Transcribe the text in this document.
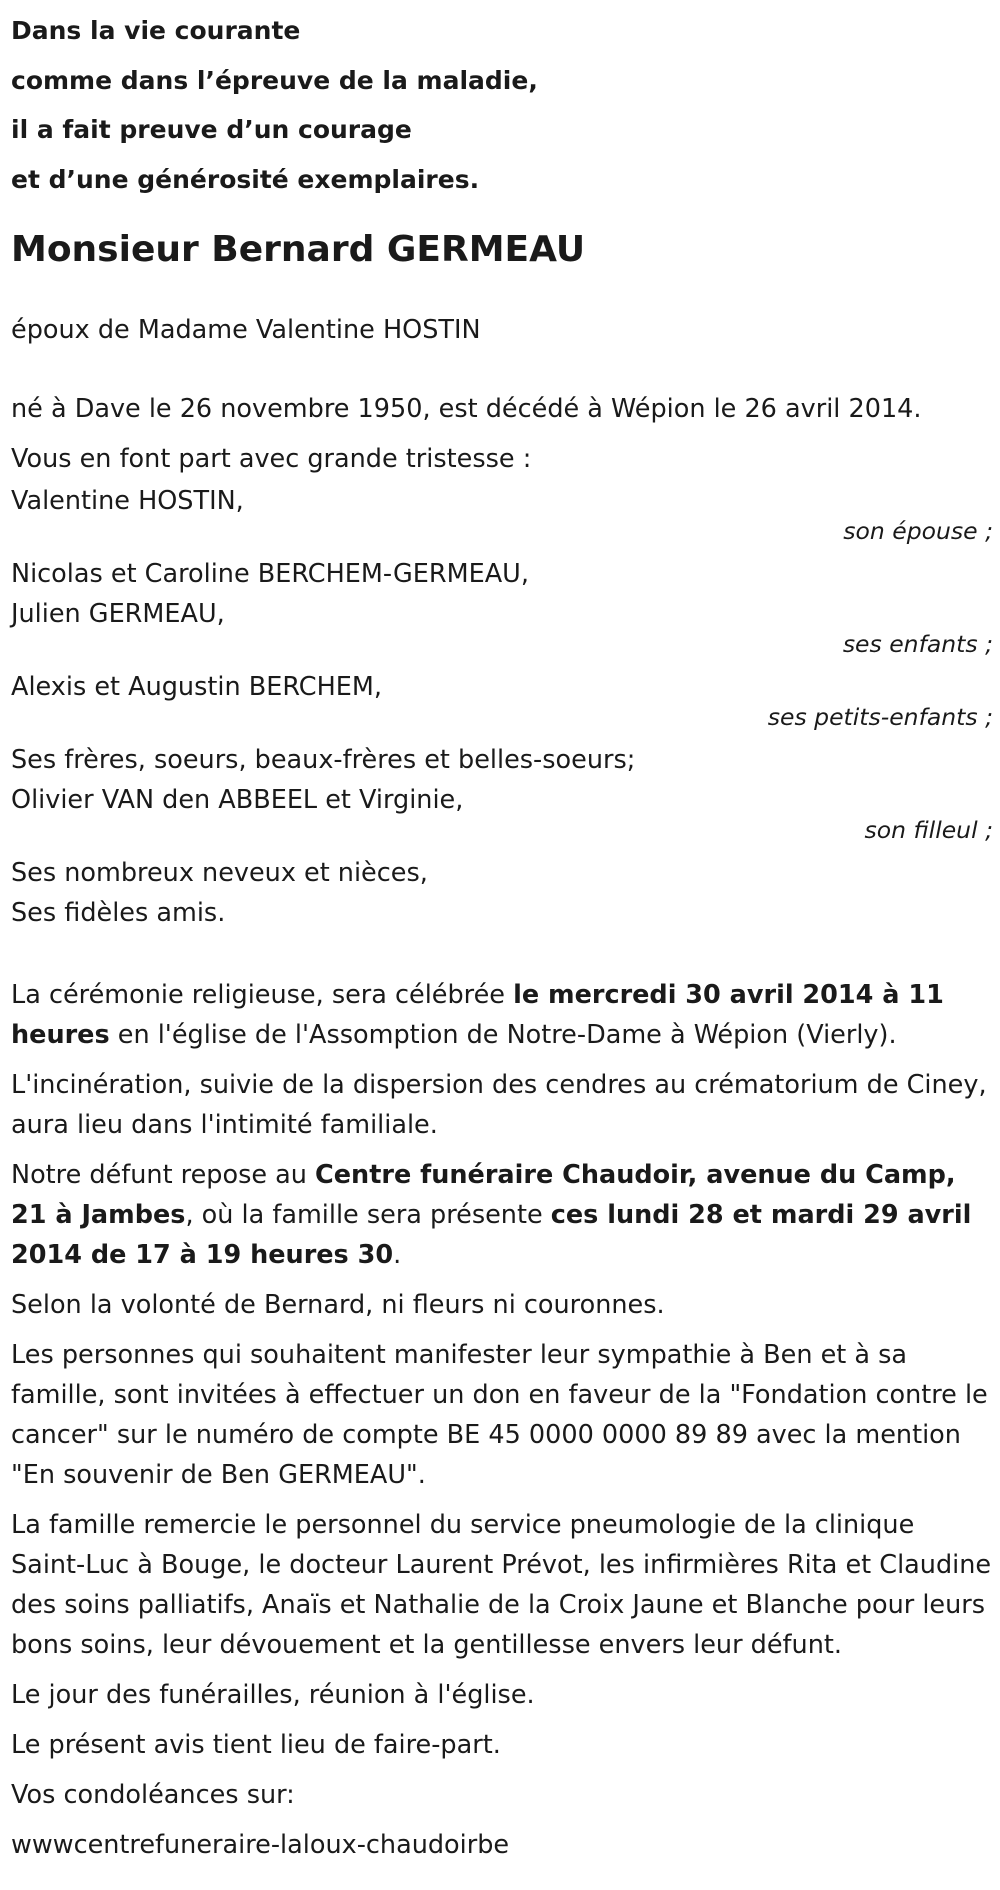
Dans la vie courante
comme dans l’épreuve de la maladie,
il a fait preuve d’un courage
et d’une générosité exemplaires.
Monsieur Bernard GERMEAU

époux de Madame Valentine HOSTIN

né à Dave le 26 novembre 1950, est décédé à Wépion le 26 avril 2014.

Vous en font part avec grande tristesse :

Valentine HOSTIN,
son épouse ;
Nicolas et Caroline BERCHEM-GERMEAU,
Julien GERMEAU,
ses enfants ;
Alexis et Augustin BERCHEM,
ses petits-enfants ;
Ses frères, soeurs, beaux-frères et belles-soeurs;
Olivier VAN den ABBEEL et Virginie,
son filleul ;
Ses nombreux neveux et nièces,
Ses fidèles amis.

La cérémonie religieuse, sera célébrée le mercredi 30 avril 2014 à 11 heures en l'église de l'Assomption de Notre-Dame à Wépion (Vierly).

L'incinération, suivie de la dispersion des cendres au crématorium de Ciney, aura lieu dans l'intimité familiale.

Notre défunt repose au Centre funéraire Chaudoir, avenue du Camp, 21 à Jambes, où la famille sera présente ces lundi 28 et mardi 29 avril 2014 de 17 à 19 heures 30.

Selon la volonté de Bernard, ni fleurs ni couronnes.

Les personnes qui souhaitent manifester leur sympathie à Ben et à sa famille, sont invitées à effectuer un don en faveur de la "Fondation contre le cancer" sur le numéro de compte BE 45 0000 0000 89 89 avec la mention "En souvenir de Ben GERMEAU".

La famille remercie le personnel du service pneumologie de la clinique Saint-Luc à Bouge, le docteur Laurent Prévot, les infirmières Rita et Claudine des soins palliatifs, Anaïs et Nathalie de la Croix Jaune et Blanche pour leurs bons soins, leur dévouement et la gentillesse envers leur défunt.

Le jour des funérailles, réunion à l'église.

Le présent avis tient lieu de faire-part.

Vos condoléances sur:

wwwcentrefuneraire-laloux-chaudoirbe
